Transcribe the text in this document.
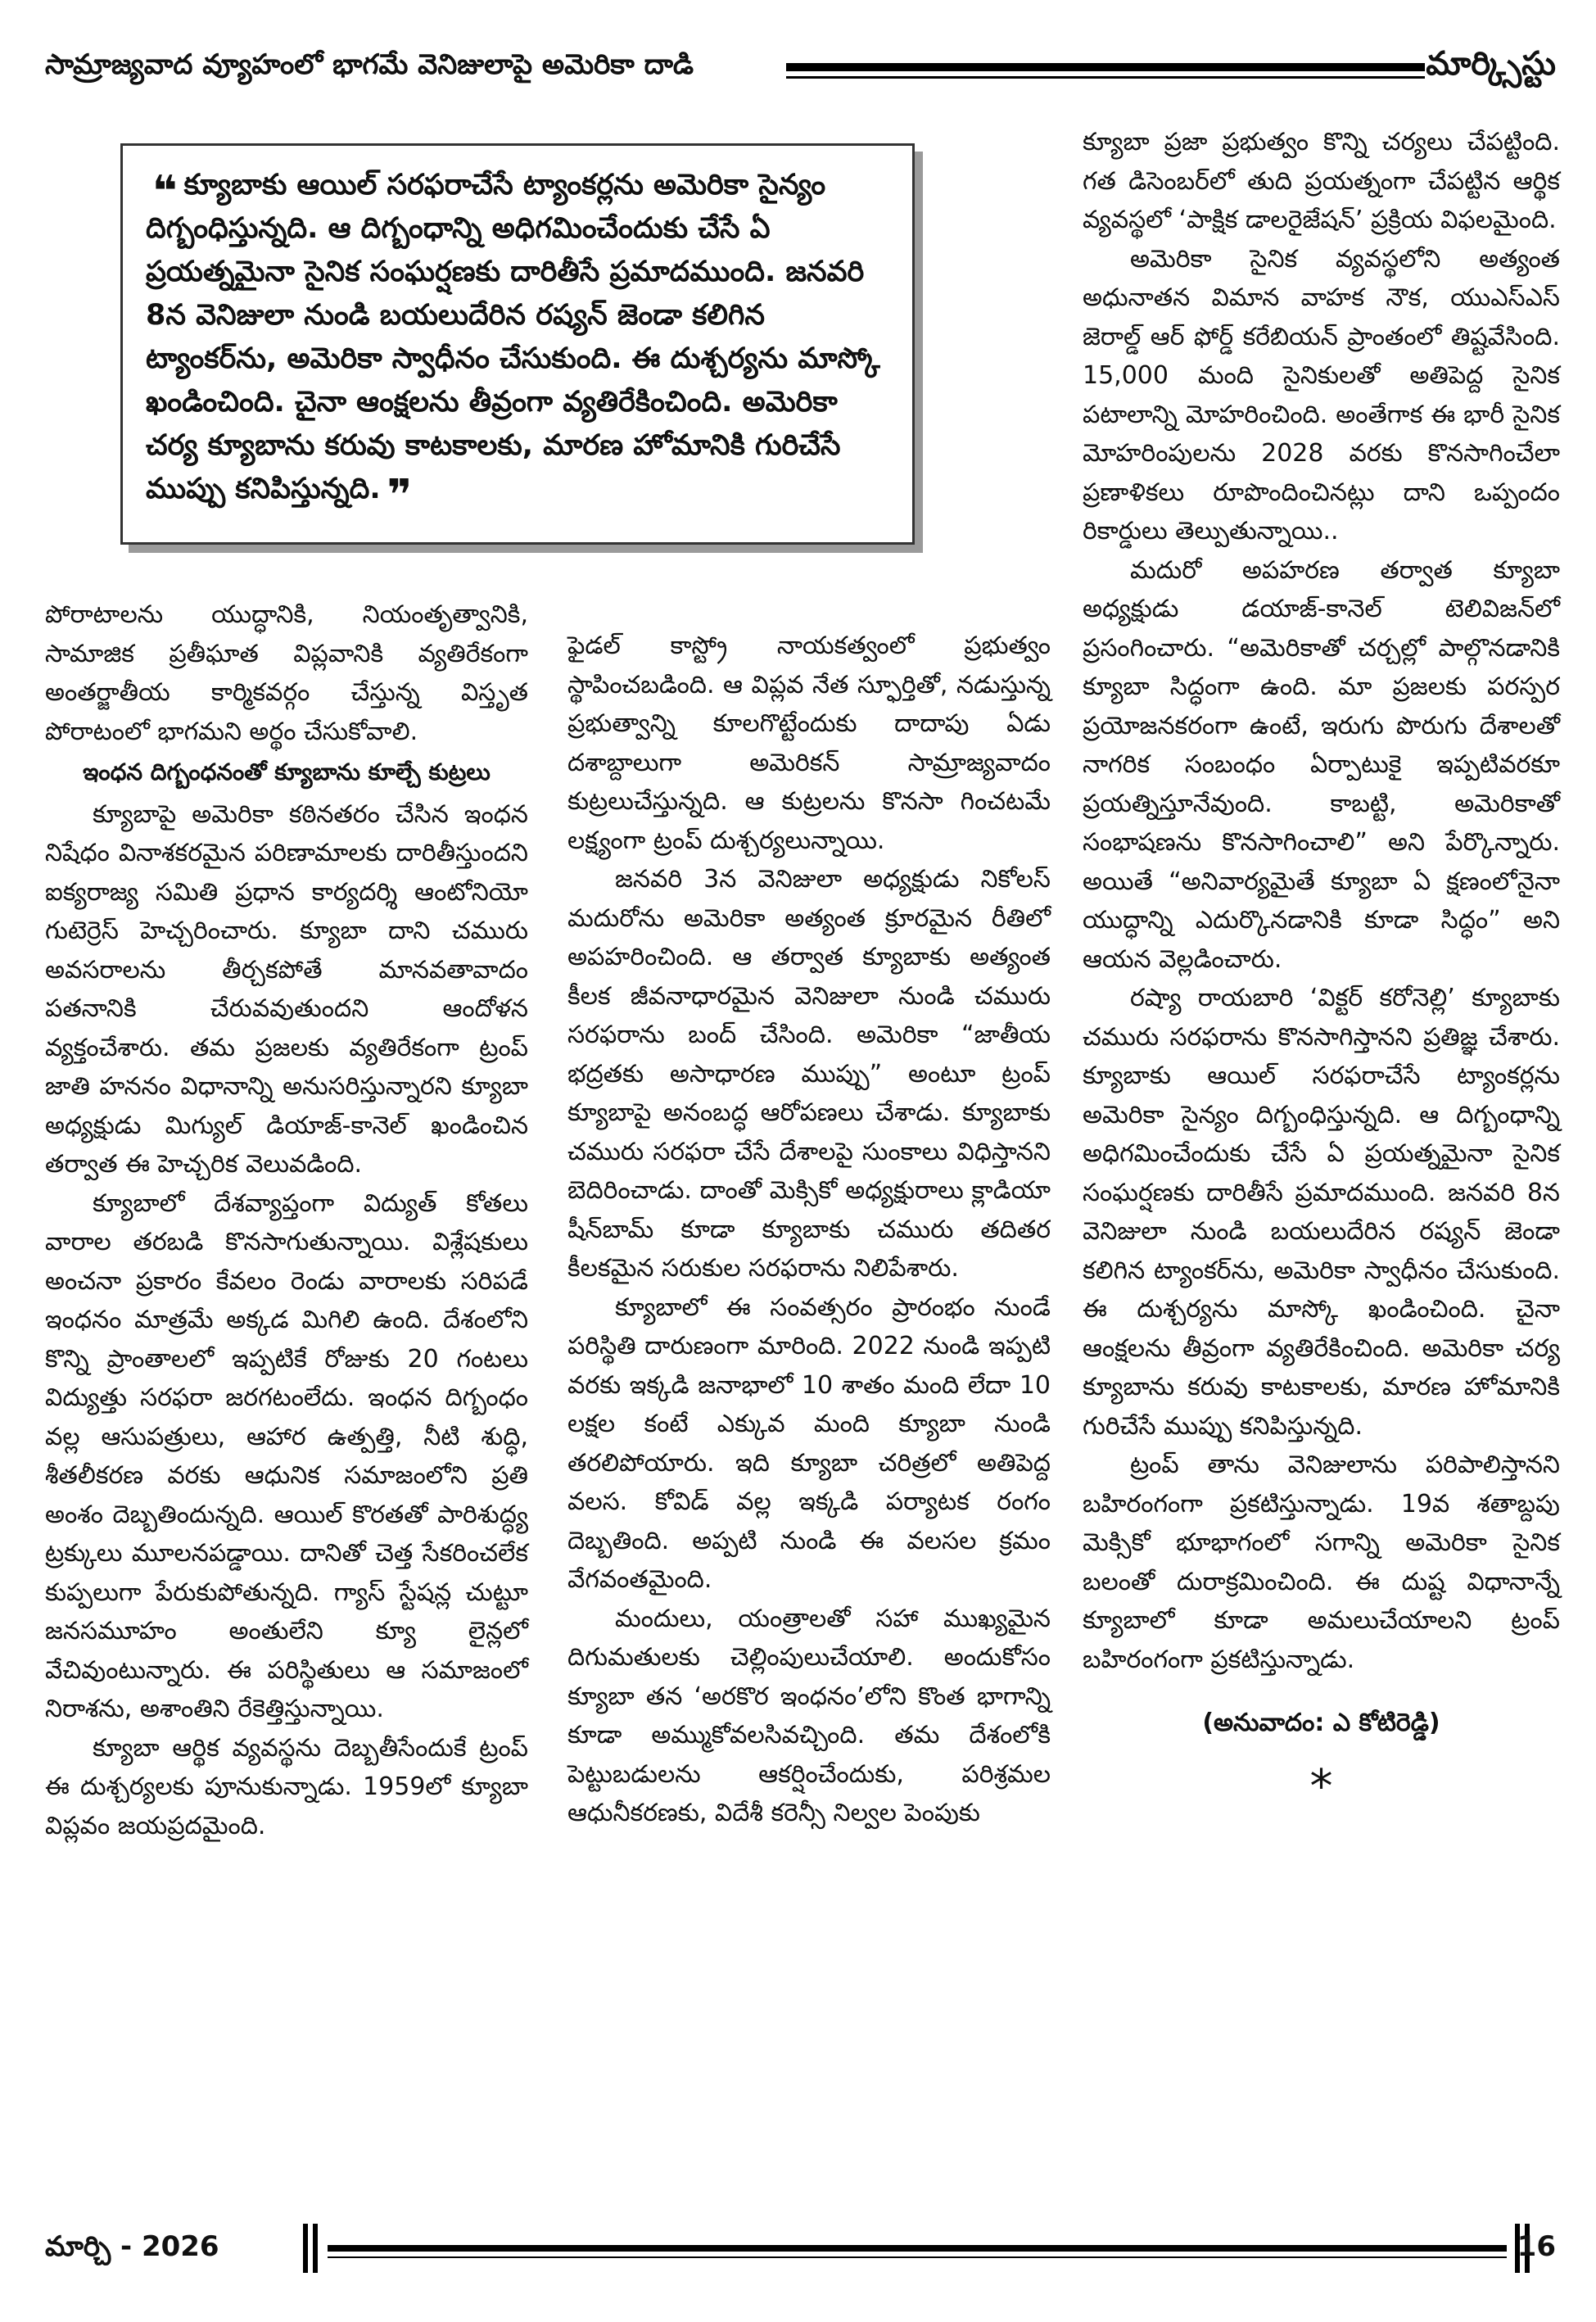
సామ్రాజ్యవాద వ్యూహంలో భాగమే వెనిజులాపై అమెరికా దాడి	మార్క్సిస్టు
❝ క్యూబాకు ఆయిల్ సరఫరాచేసే ట్యాంకర్లను అమెరికా సైన్యం దిగ్బంధిస్తున్నది. ఆ దిగ్బంధాన్ని అధిగమించేందుకు చేసే ఏ ప్రయత్నమైనా సైనిక సంఘర్షణకు దారితీసే ప్రమాదముంది. జనవరి 8న వెనిజులా నుండి బయలుదేరిన రష్యన్ జెండా కలిగిన ట్యాంకర్‌ను, అమెరికా స్వాధీనం చేసుకుంది. ఈ దుశ్చర్యను మాస్కో ఖండించింది. చైనా ఆంక్షలను తీవ్రంగా వ్యతిరేకించింది. అమెరికా చర్య క్యూబాను కరువు కాటకాలకు, మారణ హోమానికి గురిచేసే ముప్పు కనిపిస్తున్నది. ❞

పోరాటాలను యుద్ధానికి, నియంతృత్వానికి, సామాజిక ప్రతీఘాత విప్లవానికి వ్యతిరేకంగా అంతర్జాతీయ కార్మికవర్గం చేస్తున్న విస్తృత పోరాటంలో భాగమని అర్థం చేసుకోవాలి.

ఇంధన దిగ్బంధనంతో క్యూబాను కూల్చే కుట్రలు

క్యూబాపై అమెరికా కఠినతరం చేసిన ఇంధన నిషేధం వినాశకరమైన పరిణామాలకు దారితీస్తుందని ఐక్యరాజ్య సమితి ప్రధాన కార్యదర్శి ఆంటోనియో గుటెర్రెస్ హెచ్చరించారు. క్యూబా దాని చమురు అవసరాలను తీర్చకపోతే మానవతావాదం పతనానికి చేరువవుతుందని ఆందోళన వ్యక్తంచేశారు. తమ ప్రజలకు వ్యతిరేకంగా ట్రంప్ జాతి హననం విధానాన్ని అనుసరిస్తున్నారని క్యూబా అధ్యక్షుడు మిగ్యుల్ డియాజ్-కానెల్ ఖండించిన తర్వాత ఈ హెచ్చరిక వెలువడింది.

క్యూబాలో దేశవ్యాప్తంగా విద్యుత్ కోతలు వారాల తరబడి కొనసాగుతున్నాయి. విశ్లేషకులు అంచనా ప్రకారం కేవలం రెండు వారాలకు సరిపడే ఇంధనం మాత్రమే అక్కడ మిగిలి ఉంది. దేశంలోని కొన్ని ప్రాంతాలలో ఇప్పటికే రోజుకు 20 గంటలు విద్యుత్తు సరఫరా జరగటంలేదు. ఇంధన దిగ్బంధం వల్ల ఆసుపత్రులు, ఆహార ఉత్పత్తి, నీటి శుద్ధి, శీతలీకరణ వరకు ఆధునిక సమాజంలోని ప్రతి అంశం దెబ్బతిందున్నది. ఆయిల్ కొరతతో పారిశుద్ధ్య ట్రక్కులు మూలనపడ్డాయి. దానితో చెత్త సేకరించలేక కుప్పలుగా పేరుకుపోతున్నది. గ్యాస్ స్టేషన్ల చుట్టూ జనసమూహం అంతులేని క్యూ లైన్లలో వేచివుంటున్నారు. ఈ పరిస్థితులు ఆ సమాజంలో నిరాశను, అశాంతిని రేకెత్తిస్తున్నాయి.

క్యూబా ఆర్థిక వ్యవస్థను దెబ్బతీసేందుకే ట్రంప్ ఈ దుశ్చర్యలకు పూనుకున్నాడు. 1959లో క్యూబా విప్లవం జయప్రదమైంది.

ఫైడల్ కాస్ట్రో నాయకత్వంలో ప్రభుత్వం స్థాపించబడింది. ఆ విప్లవ నేత స్ఫూర్తితో, నడుస్తున్న ప్రభుత్వాన్ని కూలగొట్టేందుకు దాదాపు ఏడు దశాబ్దాలుగా అమెరికన్ సామ్రాజ్యవాదం కుట్రలుచేస్తున్నది. ఆ కుట్రలను కొనసా గించటమే లక్ష్యంగా ట్రంప్ దుశ్చర్యలున్నాయి.

జనవరి 3న వెనిజులా అధ్యక్షుడు నికోలస్ మదురోను అమెరికా అత్యంత క్రూరమైన రీతిలో అపహరించింది. ఆ తర్వాత క్యూబాకు అత్యంత కీలక జీవనాధారమైన వెనిజులా నుండి చమురు సరఫరాను బంద్ చేసింది. అమెరికా “జాతీయ భద్రతకు అసాధారణ ముప్పు” అంటూ ట్రంప్ క్యూబాపై అనంబద్ధ ఆరోపణలు చేశాడు. క్యూబాకు చమురు సరఫరా చేసే దేశాలపై సుంకాలు విధిస్తానని బెదిరించాడు. దాంతో మెక్సికో అధ్యక్షురాలు క్లాడియా షీన్‌బామ్ కూడా క్యూబాకు చమురు తదితర కీలకమైన సరుకుల సరఫరాను నిలిపేశారు.

క్యూబాలో ఈ సంవత్సరం ప్రారంభం నుండే పరిస్థితి దారుణంగా మారింది. 2022 నుండి ఇప్పటి వరకు ఇక్కడి జనాభాలో 10 శాతం మంది లేదా 10 లక్షల కంటే ఎక్కువ మంది క్యూబా నుండి తరలిపోయారు. ఇది క్యూబా చరిత్రలో అతిపెద్ద వలస. కోవిడ్ వల్ల ఇక్కడి పర్యాటక రంగం దెబ్బతింది. అప్పటి నుండి ఈ వలసల క్రమం వేగవంతమైంది.

మందులు, యంత్రాలతో సహా ముఖ్యమైన దిగుమతులకు చెల్లింపులుచేయాలి. అందుకోసం క్యూబా తన ‘అరకొర ఇంధనం’లోని కొంత భాగాన్ని కూడా అమ్ముకోవలసివచ్చింది. తమ దేశంలోకి పెట్టుబడులను ఆకర్షించేందుకు, పరిశ్రమల ఆధునీకరణకు, విదేశీ కరెన్సీ నిల్వల పెంపుకు

క్యూబా ప్రజా ప్రభుత్వం కొన్ని చర్యలు చేపట్టింది. గత డిసెంబర్‌లో తుది ప్రయత్నంగా చేపట్టిన ఆర్థిక వ్యవస్థలో ‘పాక్షిక డాలరైజేషన్’ ప్రక్రియ విఫలమైంది.

అమెరికా సైనిక వ్యవస్థలోని అత్యంత అధునాతన విమాన వాహక నౌక, యుఎస్ఎస్ జెరాల్డ్ ఆర్ ఫోర్డ్ కరేబియన్ ప్రాంతంలో తిష్టవేసింది. 15,000 మంది సైనికులతో అతిపెద్ద సైనిక పటాలాన్ని మోహరించింది. అంతేగాక ఈ భారీ సైనిక మోహరింపులను 2028 వరకు కొనసాగించేలా ప్రణాళికలు రూపొందించినట్లు దాని ఒప్పందం రికార్డులు తెల్పుతున్నాయి..

మదురో అపహరణ తర్వాత క్యూబా అధ్యక్షుడు డయాజ్-కానెల్ టెలివిజన్‌లో ప్రసంగించారు. “అమెరికాతో చర్చల్లో పాల్గొనడానికి క్యూబా సిద్ధంగా ఉంది. మా ప్రజలకు పరస్పర ప్రయోజనకరంగా ఉంటే, ఇరుగు పొరుగు దేశాలతో నాగరిక సంబంధం ఏర్పాటుకై ఇప్పటివరకూ ప్రయత్నిస్తూనేవుంది. కాబట్టి, అమెరికాతో సంభాషణను కొనసాగించాలి” అని పేర్కొన్నారు. అయితే “అనివార్యమైతే క్యూబా ఏ క్షణంలోనైనా యుద్ధాన్ని ఎదుర్కొనడానికి కూడా సిద్ధం” అని ఆయన వెల్లడించారు.

రష్యా రాయబారి ‘విక్టర్ కరోనెల్లి’ క్యూబాకు చమురు సరఫరాను కొనసాగిస్తానని ప్రతిజ్ఞ చేశారు. క్యూబాకు ఆయిల్ సరఫరాచేసే ట్యాంకర్లను అమెరికా సైన్యం దిగ్బంధిస్తున్నది. ఆ దిగ్బంధాన్ని అధిగమించేందుకు చేసే ఏ ప్రయత్నమైనా సైనిక సంఘర్షణకు దారితీసే ప్రమాదముంది. జనవరి 8న వెనిజులా నుండి బయలుదేరిన రష్యన్ జెండా కలిగిన ట్యాంకర్‌ను, అమెరికా స్వాధీనం చేసుకుంది. ఈ దుశ్చర్యను మాస్కో ఖండించింది. చైనా ఆంక్షలను తీవ్రంగా వ్యతిరేకించింది. అమెరికా చర్య క్యూబాను కరువు కాటకాలకు, మారణ హోమానికి గురిచేసే ముప్పు కనిపిస్తున్నది.

ట్రంప్ తాను వెనిజులాను పరిపాలిస్తానని బహిరంగంగా ప్రకటిస్తున్నాడు. 19వ శతాబ్దపు మెక్సికో భూభాగంలో సగాన్ని అమెరికా సైనిక బలంతో దురాక్రమించింది. ఈ దుష్ట విధానాన్నే క్యూబాలో కూడా అమలుచేయాలని ట్రంప్ బహిరంగంగా ప్రకటిస్తున్నాడు.

(అనువాదం: ఎ కోటిరెడ్డి)

*

మార్చి - 2026	16
